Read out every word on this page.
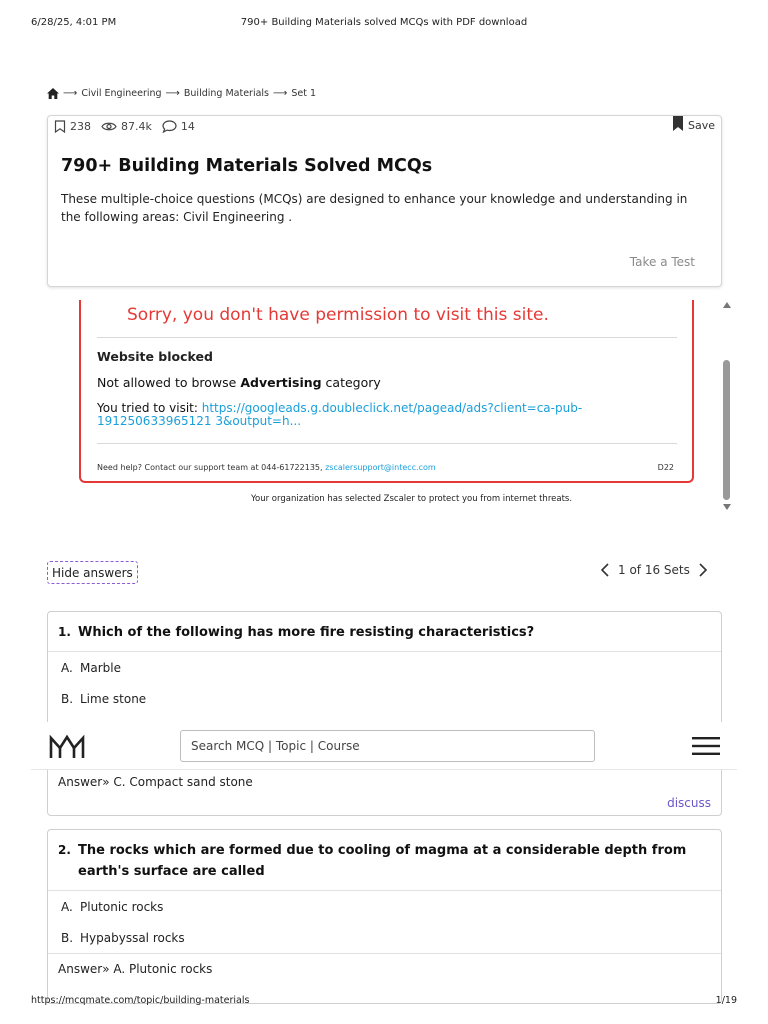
6/28/25, 4:01 PM	790+ Building Materials solved MCQs with PDF download
⟶ Civil Engineering ⟶ Building Materials ⟶ Set 1
238	87.4k	14	Save
790+ Building Materials Solved MCQs

These multiple-choice questions (MCQs) are designed to enhance your knowledge and understanding in the following areas: Civil Engineering .

Take a Test
Sorry, you don't have permission to visit this site.
Website blocked
Not allowed to browse Advertising category
You tried to visit: https://googleads.g.doubleclick.net/pagead/ads?client=ca-pub-191250633965121 3&output=h...
Need help? Contact our support team at 044-61722135, zscalersupport@intecc.com	D22
Your organization has selected Zscaler to protect you from internet threats.
Hide answers	1 of 16 Sets
1. Which of the following has more fire resisting characteristics?
A. Marble
B. Lime stone
Answer» C. Compact sand stone
discuss
2. The rocks which are formed due to cooling of magma at a considerable depth from earth's surface are called
A. Plutonic rocks
B. Hypabyssal rocks
Answer» A. Plutonic rocks
Search MCQ | Topic | Course
https://mcqmate.com/topic/building-materials	1/19
